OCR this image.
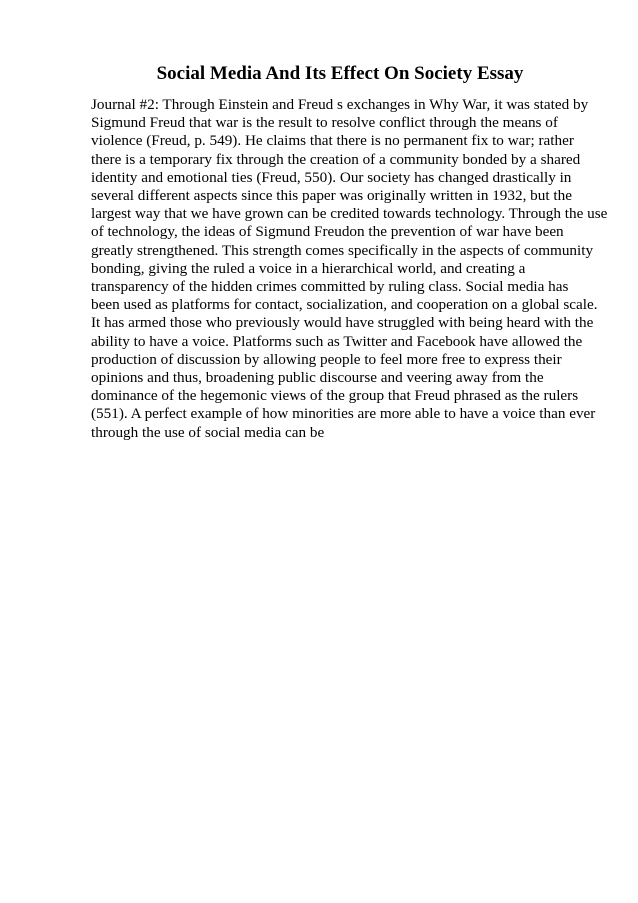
Social Media And Its Effect On Society Essay
Journal #2: Through Einstein and Freud s exchanges in Why War, it was stated by
Sigmund Freud that war is the result to resolve conflict through the means of
violence (Freud, p. 549). He claims that there is no permanent fix to war; rather
there is a temporary fix through the creation of a community bonded by a shared
identity and emotional ties (Freud, 550). Our society has changed drastically in
several different aspects since this paper was originally written in 1932, but the
largest way that we have grown can be credited towards technology. Through the use
of technology, the ideas of Sigmund Freudon the prevention of war have been
greatly strengthened. This strength comes specifically in the aspects of community
bonding, giving the ruled a voice in a hierarchical world, and creating a
transparency of the hidden crimes committed by ruling class. Social media has
been used as platforms for contact, socialization, and cooperation on a global scale.
It has armed those who previously would have struggled with being heard with the
ability to have a voice. Platforms such as Twitter and Facebook have allowed the
production of discussion by allowing people to feel more free to express their
opinions and thus, broadening public discourse and veering away from the
dominance of the hegemonic views of the group that Freud phrased as the rulers
(551). A perfect example of how minorities are more able to have a voice than ever
through the use of social media can be
